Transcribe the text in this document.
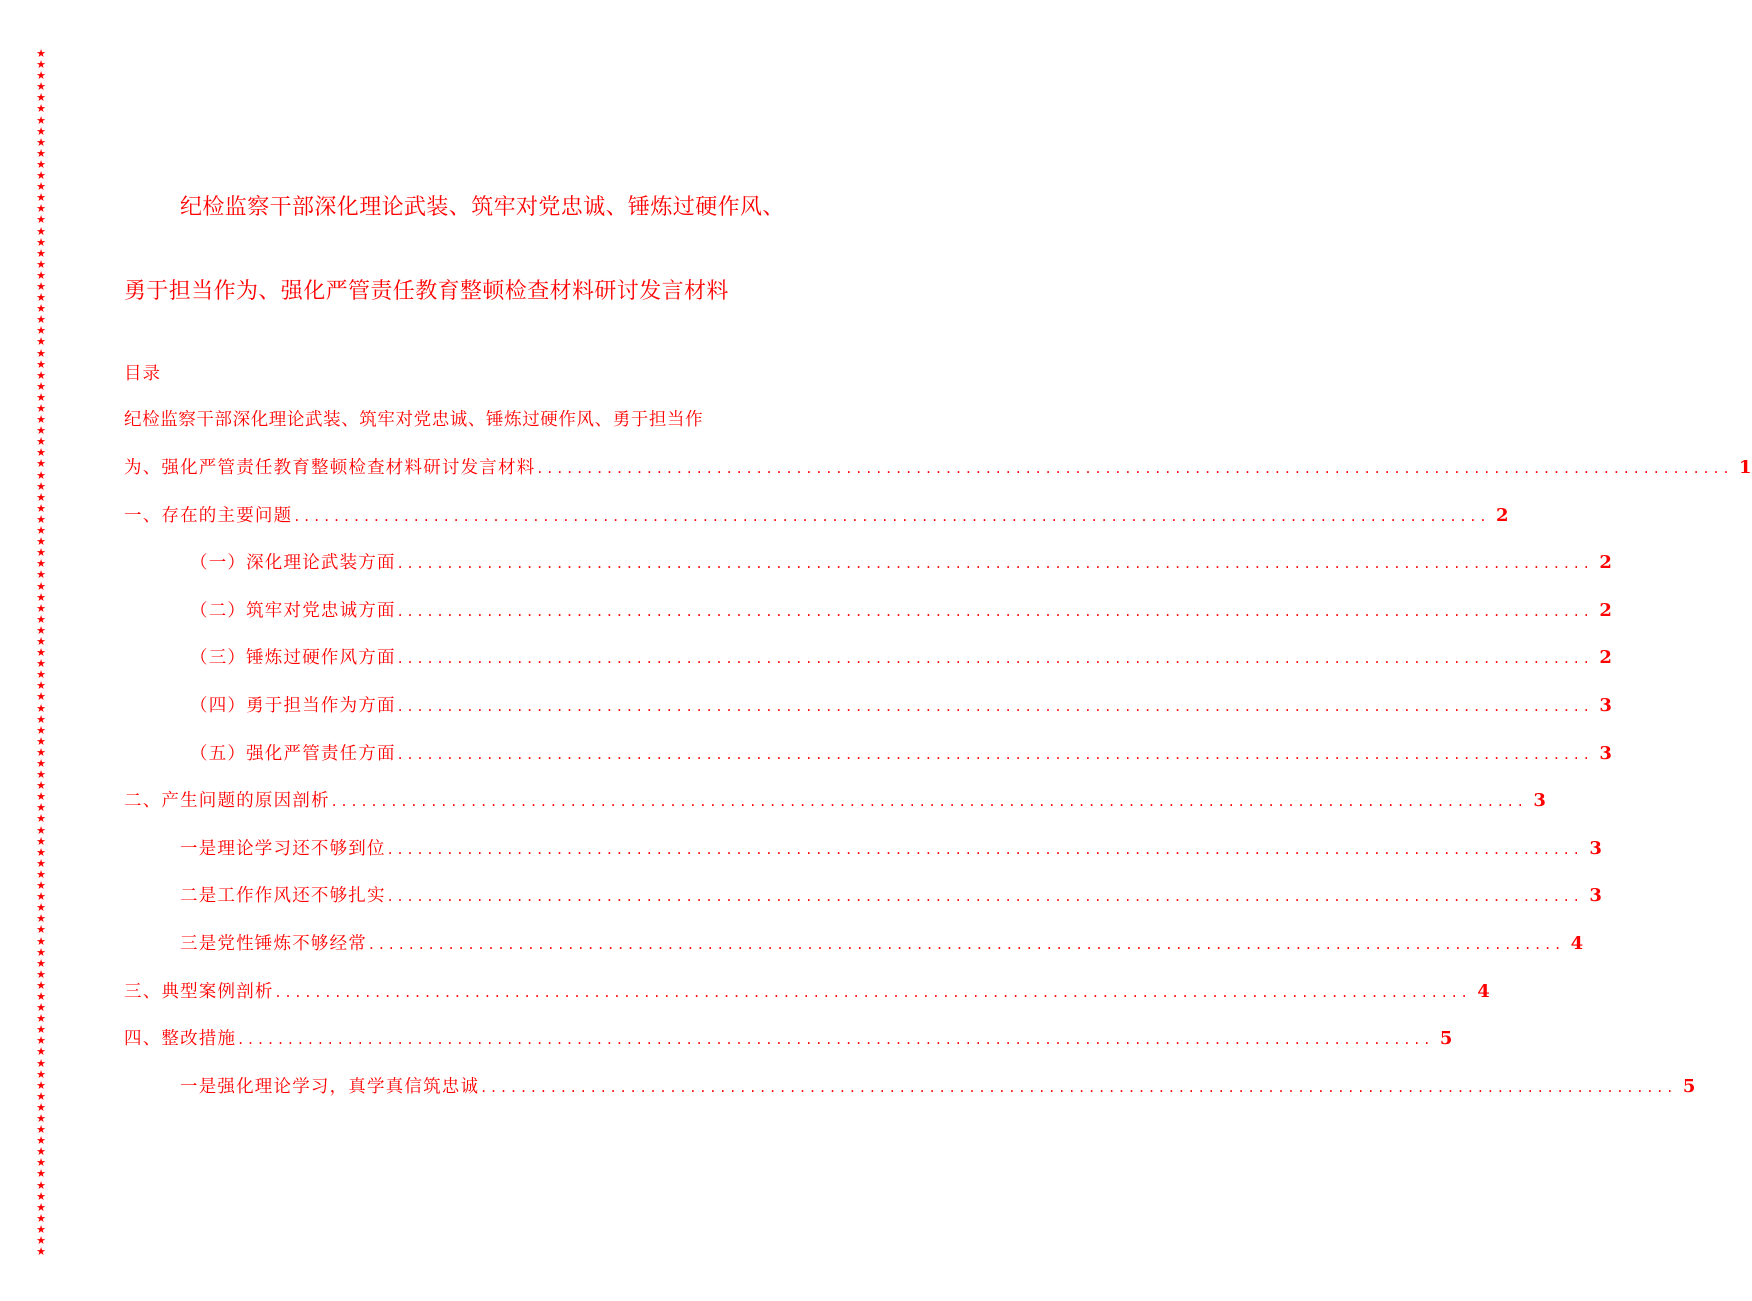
★
★
★
★
★
★
★
★
★
★
★
★
★
★
★
★
★
★
★
★
★
★
★
★
★
★
★
★
★
★
★
★
★
★
★
★
★
★
★
★
★
★
★
★
★
★
★
★
★
★
★
★
★
★
★
★
★
★
★
★
★
★
★
★
★
★
★
★
★
★
★
★
★
★
★
★
★
★
★
★
★
★
★
★
★
★
★
★
★
★
★
★
★
★
★
★
★
★
★
★
★
★
★
★
★
★
★
★
★
纪检监察干部深化理论武装、筑牢对党忠诚、锤炼过硬作风、
勇于担当作为、强化严管责任教育整顿检查材料研讨发言材料
目录
纪检监察干部深化理论武装、筑牢对党忠诚、锤炼过硬作风、勇于担当作
为、强化严管责任教育整顿检查材料研讨发言材料 ........................................................................................................................ 1
一、存在的主要问题 ........................................................................................................................ 2
（一）深化理论武装方面 ........................................................................................................................ 2
（二）筑牢对党忠诚方面 ........................................................................................................................ 2
（三）锤炼过硬作风方面 ........................................................................................................................ 2
（四）勇于担当作为方面 ........................................................................................................................ 3
（五）强化严管责任方面 ........................................................................................................................ 3
二、产生问题的原因剖析 ........................................................................................................................ 3
一是理论学习还不够到位 ........................................................................................................................ 3
二是工作作风还不够扎实 ........................................................................................................................ 3
三是党性锤炼不够经常 ........................................................................................................................ 4
三、典型案例剖析 ........................................................................................................................ 4
四、整改措施 ........................................................................................................................ 5
一是强化理论学习，真学真信筑忠诚 ........................................................................................................................ 5
